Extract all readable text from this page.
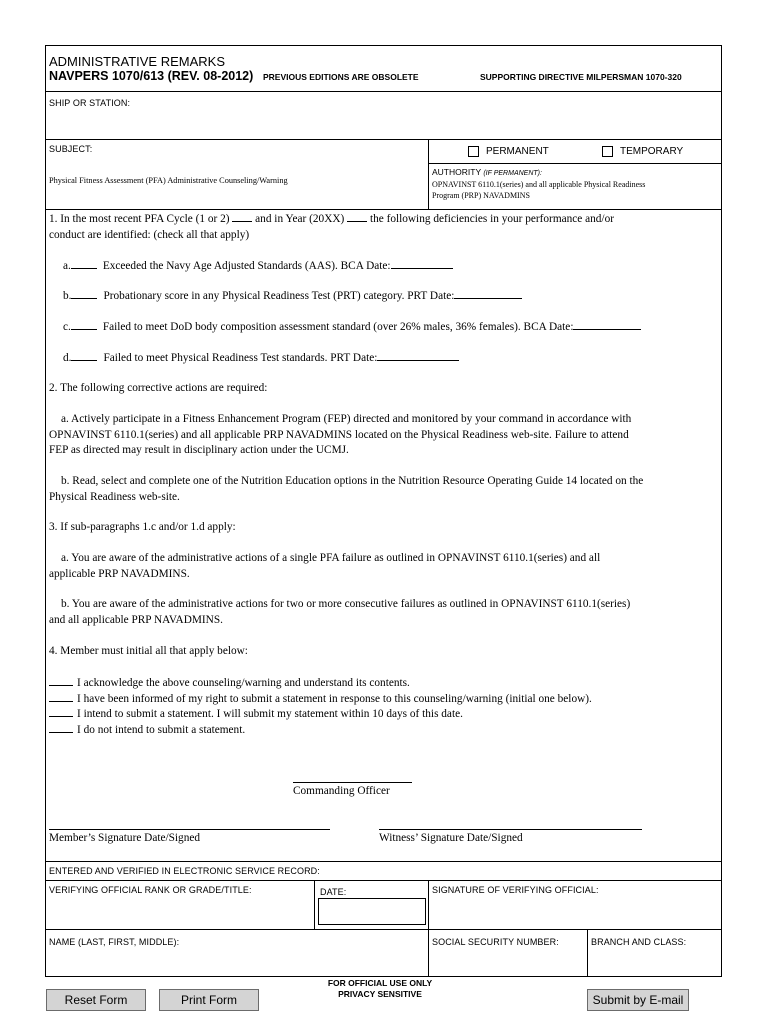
ADMINISTRATIVE REMARKS
NAVPERS 1070/613 (REV. 08-2012) PREVIOUS EDITIONS ARE OBSOLETE	SUPPORTING DIRECTIVE MILPERSMAN 1070-320
SHIP OR STATION:
SUBJECT:
Physical Fitness Assessment (PFA) Administrative Counseling/Warning
PERMANENT	TEMPORARY
AUTHORITY (IF PERMANENT):
OPNAVINST 6110.1(series) and all applicable Physical Readiness
Program (PRP) NAVADMINS
1. In the most recent PFA Cycle (1 or 2) and in Year (20XX) the following deficiencies in your performance and/or
conduct are identified: (check all that apply)
a.	Exceeded the Navy Age Adjusted Standards (AAS). BCA Date:
b.	Probationary score in any Physical Readiness Test (PRT) category. PRT Date:
c.	Failed to meet DoD body composition assessment standard (over 26% males, 36% females). BCA Date:
d.	Failed to meet Physical Readiness Test standards. PRT Date:
2. The following corrective actions are required:
a. Actively participate in a Fitness Enhancement Program (FEP) directed and monitored by your command in accordance with
OPNAVINST 6110.1(series) and all applicable PRP NAVADMINS located on the Physical Readiness web-site. Failure to attend
FEP as directed may result in disciplinary action under the UCMJ.
b. Read, select and complete one of the Nutrition Education options in the Nutrition Resource Operating Guide 14 located on the
Physical Readiness web-site.
3. If sub-paragraphs 1.c and/or 1.d apply:
a. You are aware of the administrative actions of a single PFA failure as outlined in OPNAVINST 6110.1(series) and all
applicable PRP NAVADMINS.
b. You are aware of the administrative actions for two or more consecutive failures as outlined in OPNAVINST 6110.1(series)
and all applicable PRP NAVADMINS.
4. Member must initial all that apply below:
I acknowledge the above counseling/warning and understand its contents.
I have been informed of my right to submit a statement in response to this counseling/warning (initial one below).
I intend to submit a statement. I will submit my statement within 10 days of this date.
I do not intend to submit a statement.
Commanding Officer
Member’s Signature Date/Signed	Witness’ Signature Date/Signed
ENTERED AND VERIFIED IN ELECTRONIC SERVICE RECORD:
VERIFYING OFFICIAL RANK OR GRADE/TITLE:	DATE:	SIGNATURE OF VERIFYING OFFICIAL:
NAME (LAST, FIRST, MIDDLE):	SOCIAL SECURITY NUMBER:	BRANCH AND CLASS:
FOR OFFICIAL USE ONLY
PRIVACY SENSITIVE
Reset Form	Print Form	Submit by E-mail
